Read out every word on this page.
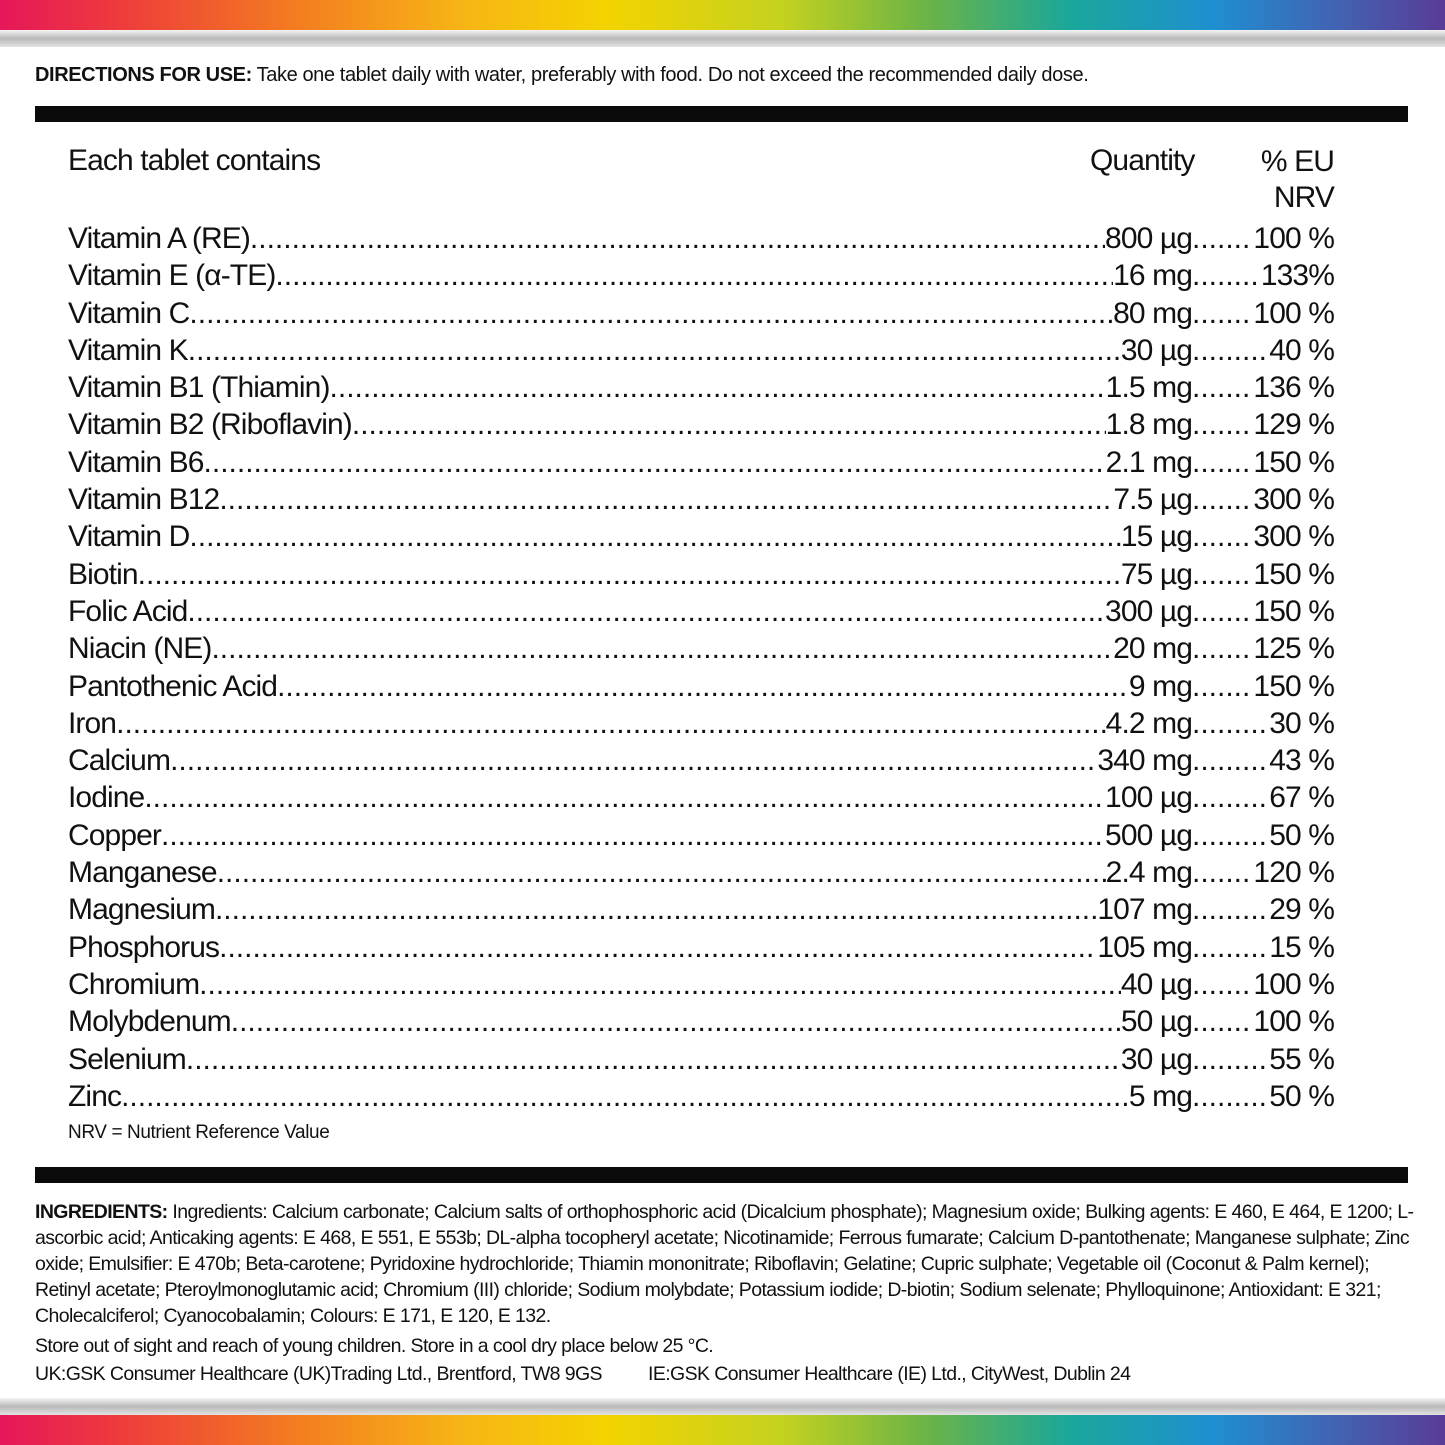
DIRECTIONS FOR USE: Take one tablet daily with water, preferably with food. Do not exceed the recommended daily dose.
Each tablet contains	Quantity	% EU NRV
Vitamin A (RE) .....	800 µg ..... 100 %
Vitamin E (α-TE) .....	16 mg ..... 133%
Vitamin C .....	80 mg ..... 100 %
Vitamin K .....	30 µg .....	40 %
Vitamin B1 (Thiamin) .....	1.5 mg ..... 136 %
Vitamin B2 (Riboflavin) .....	1.8 mg ..... 129 %
Vitamin B6 .....	2.1 mg ..... 150 %
Vitamin B12 .....	7.5 µg ..... 300 %
Vitamin D .....	15 µg ..... 300 %
Biotin .....	75 µg ..... 150 %
Folic Acid .....	300 µg ..... 150 %
Niacin (NE) .....	20 mg ..... 125 %
Pantothenic Acid .....	9 mg ..... 150 %
Iron .....	4.2 mg .....	30 %
Calcium .....	340 mg .....	43 %
Iodine .....	100 µg .....	67 %
Copper .....	500 µg .....	50 %
Manganese .....	2.4 mg ..... 120 %
Magnesium .....	107 mg .....	29 %
Phosphorus .....	105 mg .....	15 %
Chromium .....	40 µg ..... 100 %
Molybdenum .....	50 µg ..... 100 %
Selenium .....	30 µg .....	55 %
Zinc .....	5 mg .....	50 %
NRV = Nutrient Reference Value
INGREDIENTS: Ingredients: Calcium carbonate; Calcium salts of orthophosphoric acid (Dicalcium phosphate); Magnesium oxide; Bulking agents: E 460, E 464, E 1200; L-ascorbic acid; Anticaking agents: E 468, E 551, E 553b; DL-alpha tocopheryl acetate; Nicotinamide; Ferrous fumarate; Calcium D-pantothenate; Manganese sulphate; Zinc oxide; Emulsifier: E 470b; Beta-carotene; Pyridoxine hydrochloride; Thiamin mononitrate; Riboflavin; Gelatine; Cupric sulphate; Vegetable oil (Coconut & Palm kernel); Retinyl acetate; Pteroylmonoglutamic acid; Chromium (III) chloride; Sodium molybdate; Potassium iodide; D-biotin; Sodium selenate; Phylloquinone; Antioxidant: E 321; Cholecalciferol; Cyanocobalamin; Colours: E 171, E 120, E 132.
Store out of sight and reach of young children. Store in a cool dry place below 25 °C.
UK:GSK Consumer Healthcare (UK)Trading Ltd., Brentford, TW8 9GS IE:GSK Consumer Healthcare (IE) Ltd., CityWest, Dublin 24
